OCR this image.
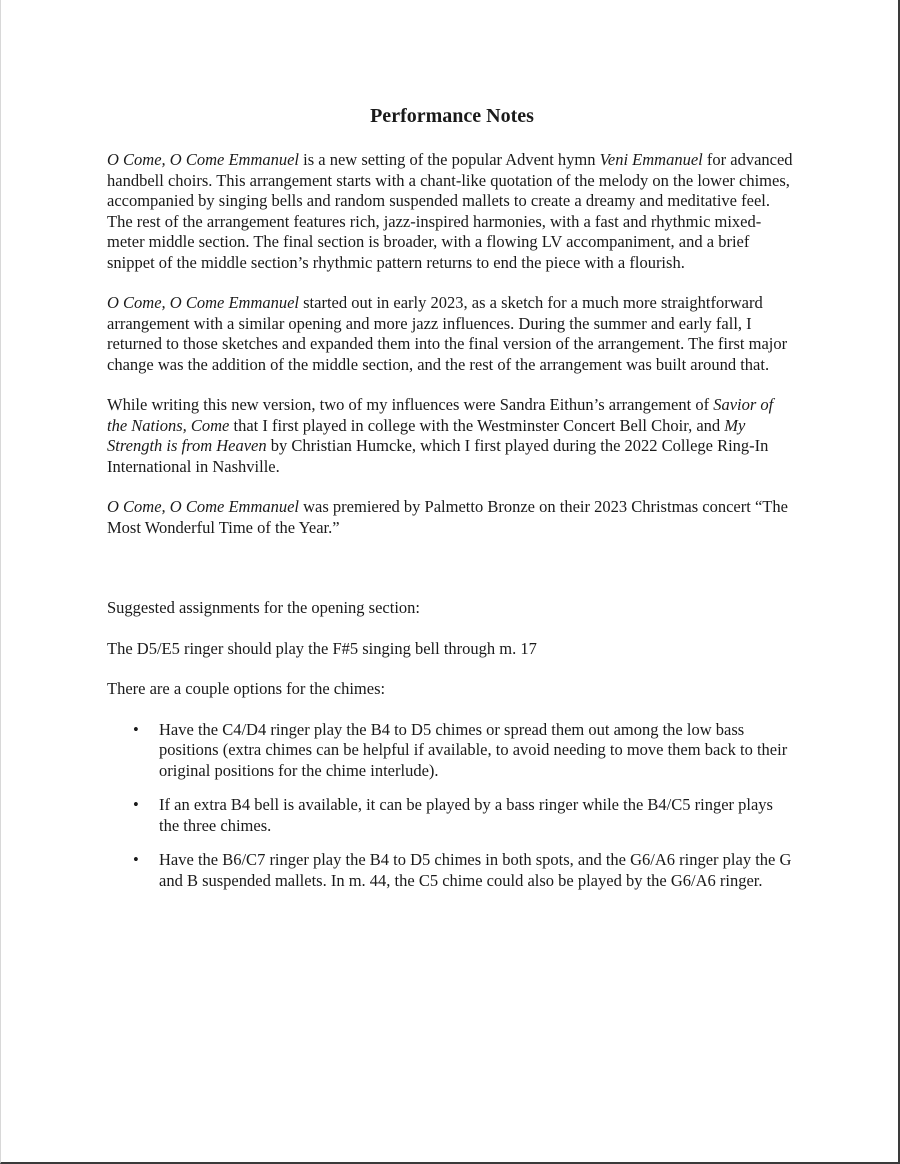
Performance Notes

O Come, O Come Emmanuel is a new setting of the popular Advent hymn Veni Emmanuel for advanced handbell choirs. This arrangement starts with a chant-like quotation of the melody on the lower chimes, accompanied by singing bells and random suspended mallets to create a dreamy and meditative feel. The rest of the arrangement features rich, jazz-inspired harmonies, with a fast and rhythmic mixed-meter middle section. The final section is broader, with a flowing LV accompaniment, and a brief snippet of the middle section’s rhythmic pattern returns to end the piece with a flourish.

O Come, O Come Emmanuel started out in early 2023, as a sketch for a much more straightforward arrangement with a similar opening and more jazz influences. During the summer and early fall, I returned to those sketches and expanded them into the final version of the arrangement. The first major change was the addition of the middle section, and the rest of the arrangement was built around that.

While writing this new version, two of my influences were Sandra Eithun’s arrangement of Savior of the Nations, Come that I first played in college with the Westminster Concert Bell Choir, and My Strength is from Heaven by Christian Humcke, which I first played during the 2022 College Ring-In International in Nashville.

O Come, O Come Emmanuel was premiered by Palmetto Bronze on their 2023 Christmas concert “The Most Wonderful Time of the Year.”

Suggested assignments for the opening section:

The D5/E5 ringer should play the F#5 singing bell through m. 17

There are a couple options for the chimes:

• Have the C4/D4 ringer play the B4 to D5 chimes or spread them out among the low bass positions (extra chimes can be helpful if available, to avoid needing to move them back to their original positions for the chime interlude).
• If an extra B4 bell is available, it can be played by a bass ringer while the B4/C5 ringer plays the three chimes.
• Have the B6/C7 ringer play the B4 to D5 chimes in both spots, and the G6/A6 ringer play the G and B suspended mallets. In m. 44, the C5 chime could also be played by the G6/A6 ringer.
